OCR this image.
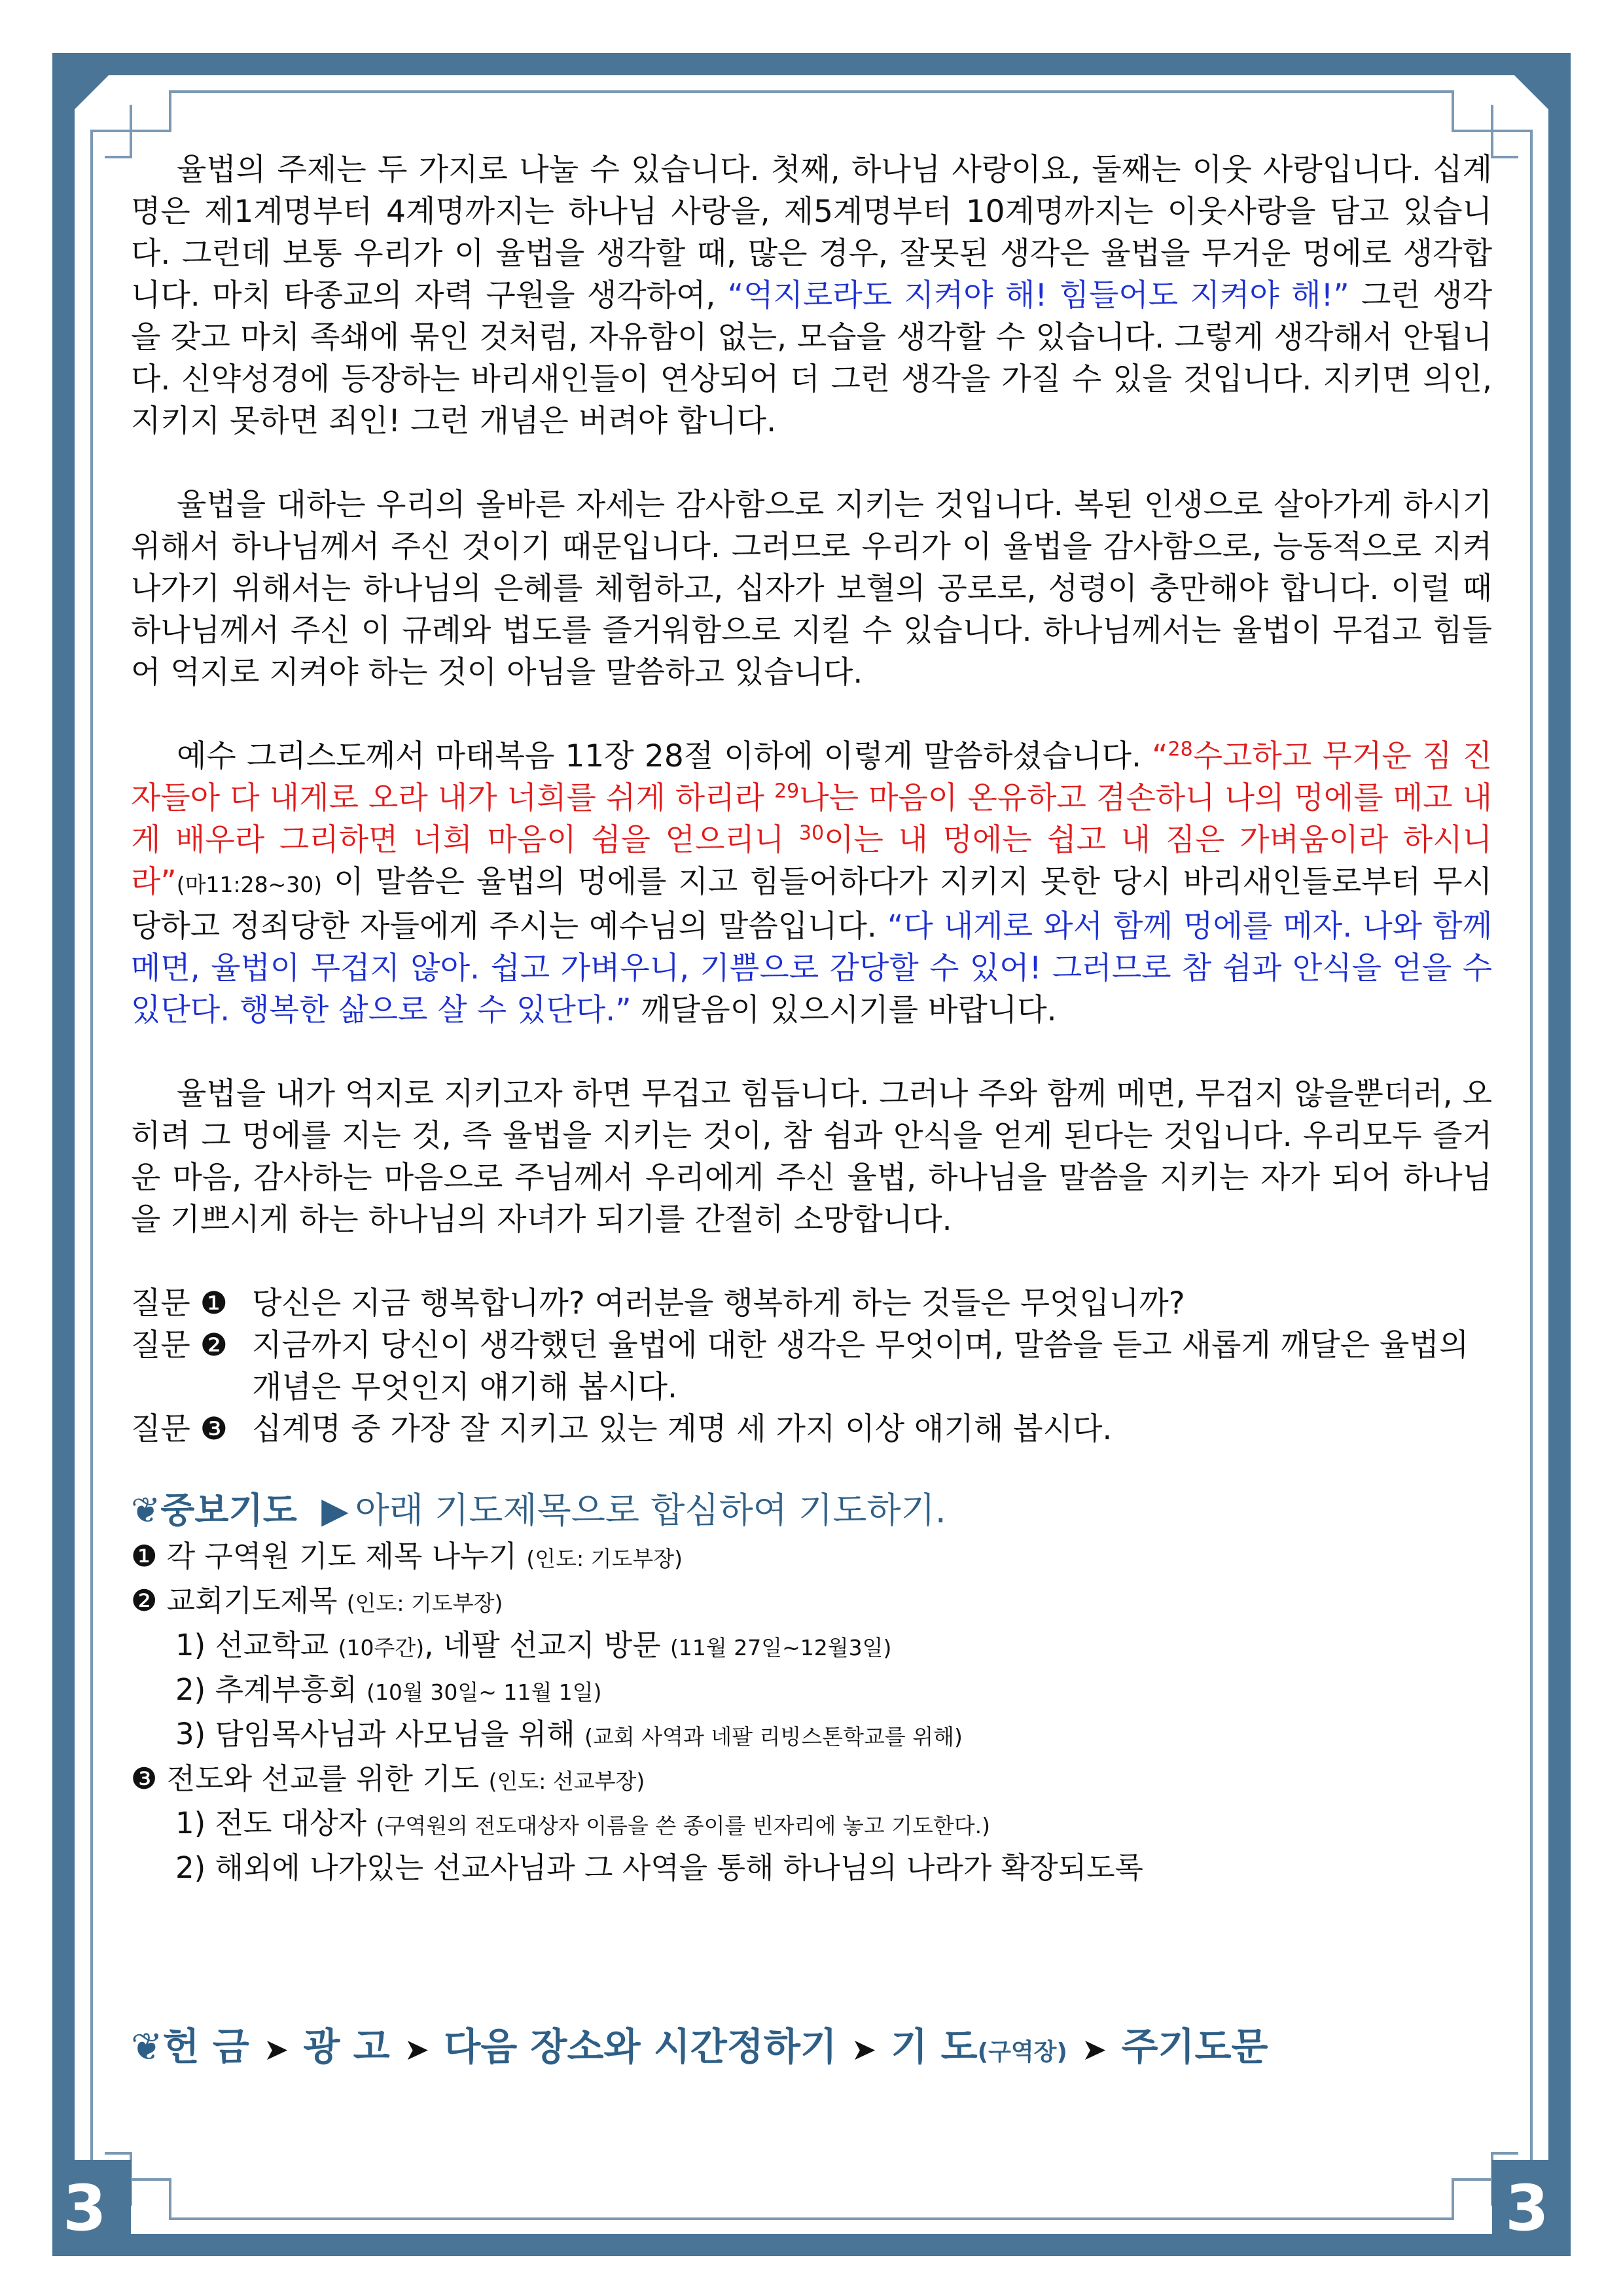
3	3

율법의 주제는 두 가지로 나눌 수 있습니다. 첫째, 하나님 사랑이요, 둘째는 이웃 사랑입니다. 십계명은 제1계명부터 4계명까지는 하나님 사랑을, 제5계명부터 10계명까지는 이웃사랑을 담고 있습니다. 그런데 보통 우리가 이 율법을 생각할 때, 많은 경우, 잘못된 생각은 율법을 무거운 멍에로 생각합니다. 마치 타종교의 자력 구원을 생각하여, “억지로라도 지켜야 해! 힘들어도 지켜야 해!” 그런 생각을 갖고 마치 족쇄에 묶인 것처럼, 자유함이 없는, 모습을 생각할 수 있습니다. 그렇게 생각해서 안됩니다. 신약성경에 등장하는 바리새인들이 연상되어 더 그런 생각을 가질 수 있을 것입니다. 지키면 의인, 지키지 못하면 죄인! 그런 개념은 버려야 합니다.

율법을 대하는 우리의 올바른 자세는 감사함으로 지키는 것입니다. 복된 인생으로 살아가게 하시기 위해서 하나님께서 주신 것이기 때문입니다. 그러므로 우리가 이 율법을 감사함으로, 능동적으로 지켜나가기 위해서는 하나님의 은혜를 체험하고, 십자가 보혈의 공로로, 성령이 충만해야 합니다. 이럴 때 하나님께서 주신 이 규례와 법도를 즐거워함으로 지킬 수 있습니다. 하나님께서는 율법이 무겁고 힘들어 억지로 지켜야 하는 것이 아님을 말씀하고 있습니다.

예수 그리스도께서 마태복음 11장 28절 이하에 이렇게 말씀하셨습니다. “$^{28}$수고하고 무거운 짐 진 자들아 다 내게로 오라 내가 너희를 쉬게 하리라 $^{29}$나는 마음이 온유하고 겸손하니 나의 멍에를 메고 내게 배우라 그리하면 너희 마음이 쉼을 얻으리니 $^{30}$이는 내 멍에는 쉽고 내 짐은 가벼움이라 하시니라”(마11:28~30) 이 말씀은 율법의 멍에를 지고 힘들어하다가 지키지 못한 당시 바리새인들로부터 무시당하고 정죄당한 자들에게 주시는 예수님의 말씀입니다. “다 내게로 와서 함께 멍에를 메자. 나와 함께 메면, 율법이 무겁지 않아. 쉽고 가벼우니, 기쁨으로 감당할 수 있어! 그러므로 참 쉼과 안식을 얻을 수 있단다. 행복한 삶으로 살 수 있단다.” 깨달음이 있으시기를 바랍니다.

율법을 내가 억지로 지키고자 하면 무겁고 힘듭니다. 그러나 주와 함께 메면, 무겁지 않을뿐더러, 오히려 그 멍에를 지는 것, 즉 율법을 지키는 것이, 참 쉼과 안식을 얻게 된다는 것입니다. 우리모두 즐거운 마음, 감사하는 마음으로 주님께서 우리에게 주신 율법, 하나님을 말씀을 지키는 자가 되어 하나님을 기쁘시게 하는 하나님의 자녀가 되기를 간절히 소망합니다.

질문 ❶ 당신은 지금 행복합니까? 여러분을 행복하게 하는 것들은 무엇입니까?

질문 ❷ 지금까지 당신이 생각했던 율법에 대한 생각은 무엇이며, 말씀을 듣고 새롭게 깨달은 율법의 개념은 무엇인지 얘기해 봅시다.

질문 ❸ 십계명 중 가장 잘 지키고 있는 계명 세 가지 이상 얘기해 봅시다.

❦중보기도 ▶ 아래 기도제목으로 합심하여 기도하기.

❶ 각 구역원 기도 제목 나누기 (인도: 기도부장)

❷ 교회기도제목 (인도: 기도부장)

1) 선교학교 (10주간), 네팔 선교지 방문 (11월 27일~12월3일)

2) 추계부흥회 (10월 30일~ 11월 1일)

3) 담임목사님과 사모님을 위해 (교회 사역과 네팔 리빙스톤학교를 위해)

❸ 전도와 선교를 위한 기도 (인도: 선교부장)

1) 전도 대상자 (구역원의 전도대상자 이름을 쓴 종이를 빈자리에 놓고 기도한다.)

2) 해외에 나가있는 선교사님과 그 사역을 통해 하나님의 나라가 확장되도록

❦헌 금 ➤ 광 고 ➤ 다음 장소와 시간정하기 ➤ 기 도(구역장) ➤ 주기도문
